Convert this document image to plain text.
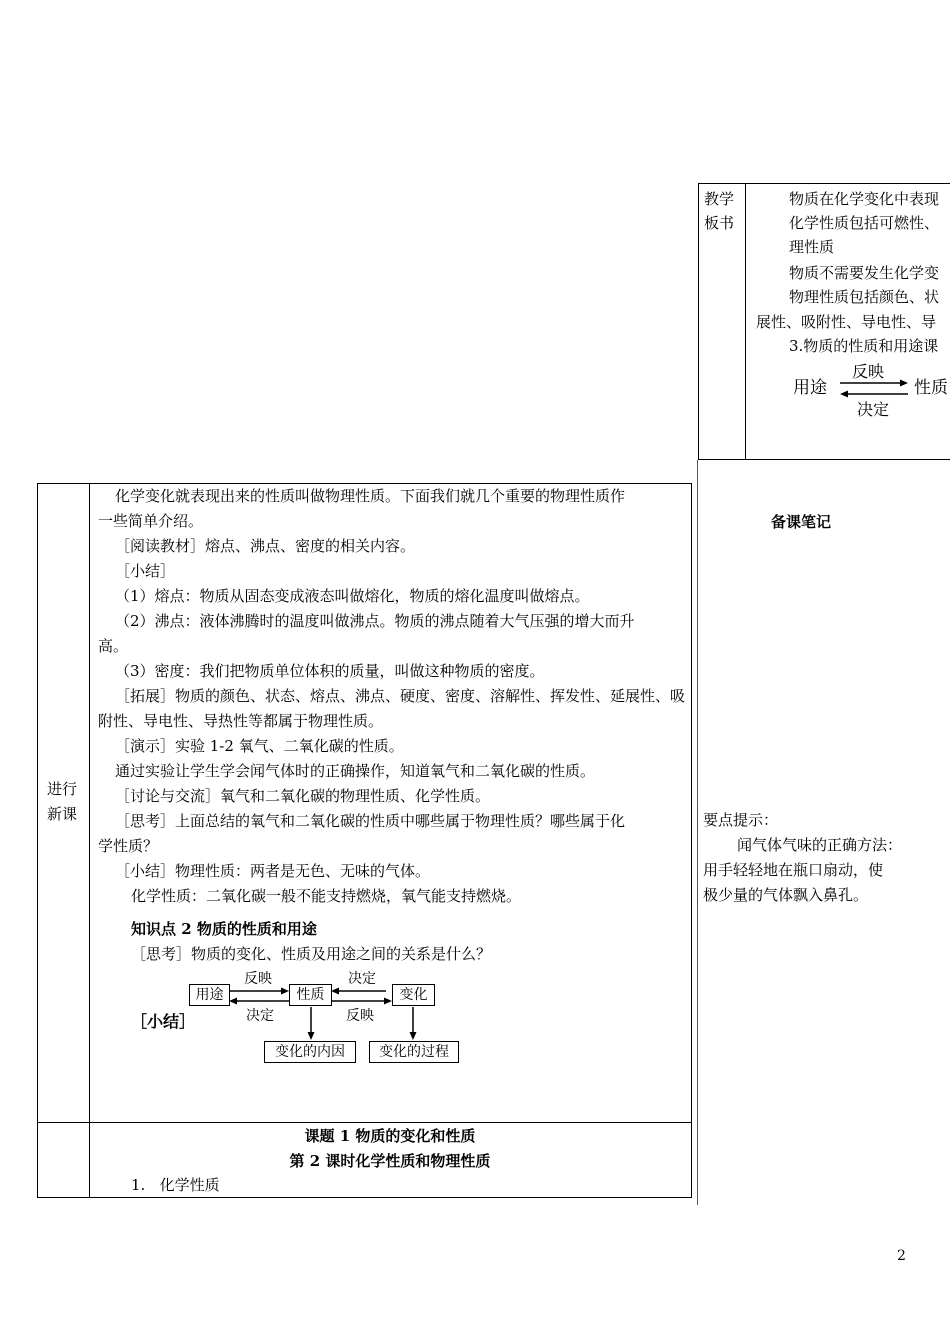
教学
板书
物质在化学变化中表现
化学性质包括可燃性、
理性质
物质不需要发生化学变
物理性质包括颜色、状
展性、吸附性、导电性、导
3.物质的性质和用途课
用途
反映
决定
性质
备课笔记
要点提示：
闻气体气味的正确方法：
用手轻轻地在瓶口扇动，使
极少量的气体飘入鼻孔。
进行
新课
化学变化就表现出来的性质叫做物理性质。下面我们就几个重要的物理性质作
一些简单介绍。
［阅读教材］熔点、沸点、密度的相关内容。
［小结］
（1）熔点：物质从固态变成液态叫做熔化，物质的熔化温度叫做熔点。
（2）沸点：液体沸腾时的温度叫做沸点。物质的沸点随着大气压强的增大而升
高。
（3）密度：我们把物质单位体积的质量，叫做这种物质的密度。
［拓展］物质的颜色、状态、熔点、沸点、硬度、密度、溶解性、挥发性、延展性、吸
附性、导电性、导热性等都属于物理性质。
［演示］实验 1-2 氧气、二氧化碳的性质。
通过实验让学生学会闻气体时的正确操作，知道氧气和二氧化碳的性质。
［讨论与交流］氧气和二氧化碳的物理性质、化学性质。
［思考］上面总结的氧气和二氧化碳的性质中哪些属于物理性质？哪些属于化
学性质？
［小结］物理性质：两者是无色、无味的气体。
化学性质：二氧化碳一般不能支持燃烧，氧气能支持燃烧。
知识点 2 物质的性质和用途
［思考］物质的变化、性质及用途之间的关系是什么？
［小结］
用途	性质	变化
变化的内因	变化的过程
反映
决定
决定
反映
课题 1 物质的变化和性质
第 2 课时化学性质和物理性质
1.   化学性质
2
